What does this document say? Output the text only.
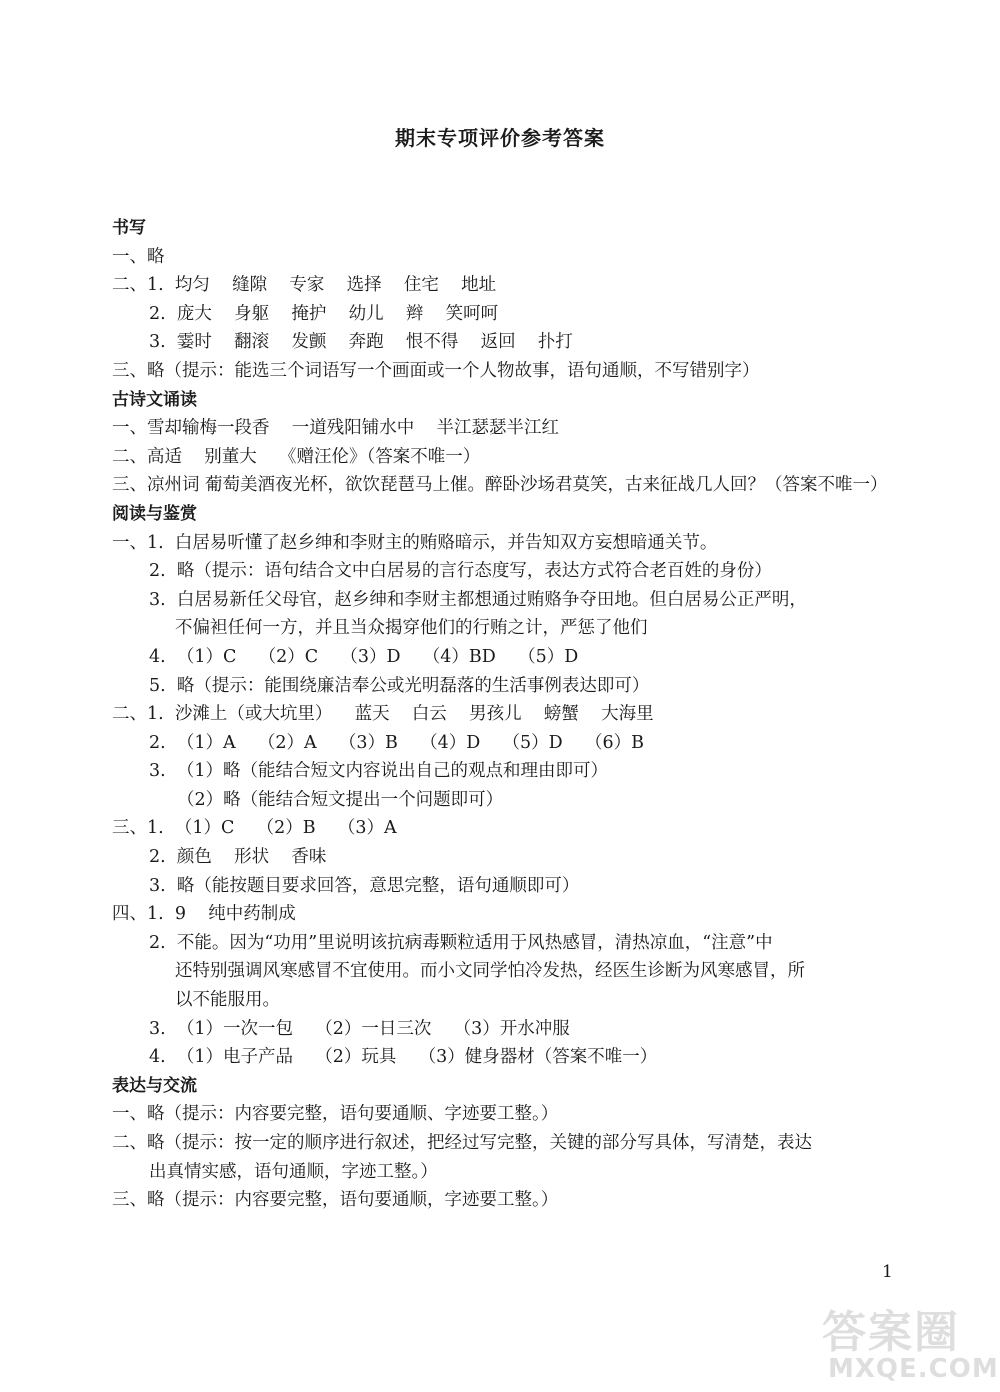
期末专项评价参考答案
书写
一、略
二、1.  均匀    缝隙    专家    选择    住宅    地址
2.  庞大    身躯    掩护    幼儿    辫    笑呵呵
3.  霎时    翻滚    发颤    奔跑    恨不得    返回    扑打
三、略（提示：能选三个词语写一个画面或一个人物故事，语句通顺，不写错别字）
古诗文诵读
一、雪却输梅一段香    一道残阳铺水中    半江瑟瑟半江红
二、高适    别董大    《赠汪伦》（答案不唯一）
三、凉州词 葡萄美酒夜光杯，欲饮琵琶马上催。醉卧沙场君莫笑，古来征战几人回？（答案不唯一）
阅读与鉴赏
一、1.  白居易听懂了赵乡绅和李财主的贿赂暗示，并告知双方妄想暗通关节。
2.  略（提示：语句结合文中白居易的言行态度写，表达方式符合老百姓的身份）
3.  白居易新任父母官，赵乡绅和李财主都想通过贿赂争夺田地。但白居易公正严明，
不偏袒任何一方，并且当众揭穿他们的行贿之计，严惩了他们
4.  （1）C    （2）C    （3）D    （4）BD    （5）D
5.  略（提示：能围绕廉洁奉公或光明磊落的生活事例表达即可）
二、1.  沙滩上（或大坑里）    蓝天    白云    男孩儿    螃蟹    大海里
2.  （1）A    （2）A    （3）B    （4）D    （5）D    （6）B
3.  （1）略（能结合短文内容说出自己的观点和理由即可）
（2）略（能结合短文提出一个问题即可）
三、1.  （1）C    （2）B    （3）A
2.  颜色    形状    香味
3.  略（能按题目要求回答，意思完整，语句通顺即可）
四、1.  9    纯中药制成
2.  不能。因为“功用”里说明该抗病毒颗粒适用于风热感冒，清热凉血，“注意”中
还特别强调风寒感冒不宜使用。而小文同学怕冷发热，经医生诊断为风寒感冒，所
以不能服用。
3.  （1）一次一包    （2）一日三次    （3）开水冲服
4.  （1）电子产品    （2）玩具    （3）健身器材（答案不唯一）
表达与交流
一、略（提示：内容要完整，语句要通顺、字迹要工整。）
二、略（提示：按一定的顺序进行叙述，把经过写完整，关键的部分写具体，写清楚，表达
出真情实感，语句通顺，字迹工整。）
三、略（提示：内容要完整，语句要通顺，字迹要工整。）
1
答案圈
MXQE.COM
